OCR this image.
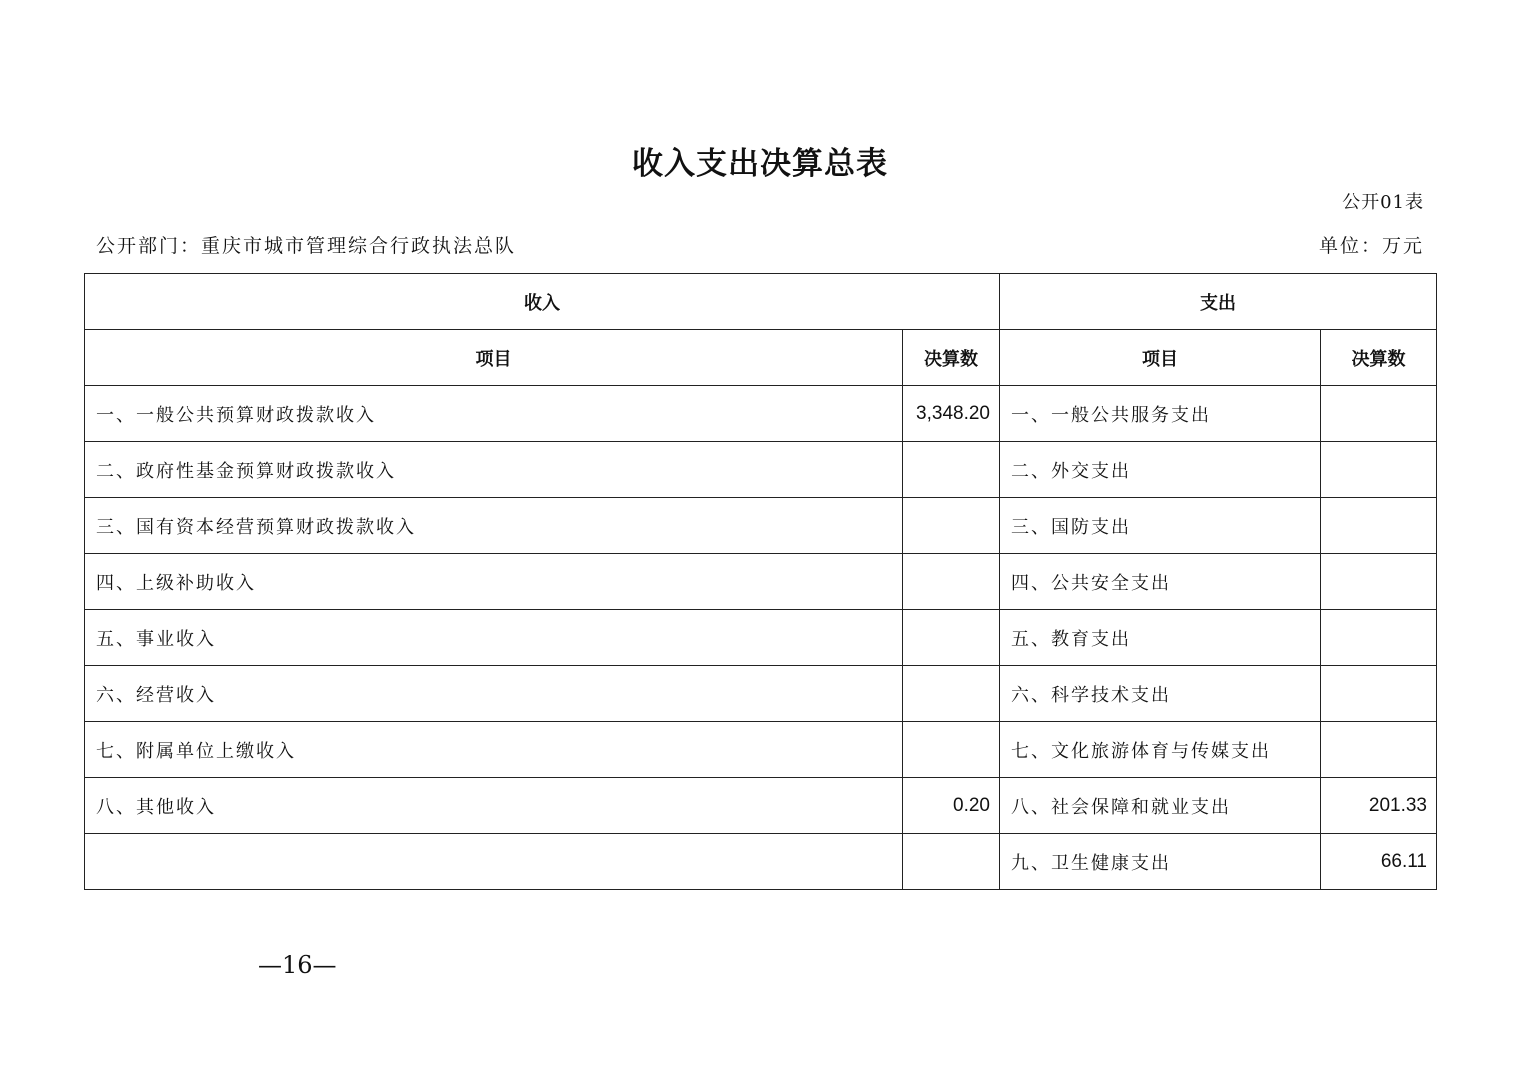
收入支出决算总表
公开01表
公开部门：重庆市城市管理综合行政执法总队	单位：万元
收入		支出	
项目	决算数	项目	决算数
一、一般公共预算财政拨款收入	3,348.20	一、一般公共服务支出	
二、政府性基金预算财政拨款收入		二、外交支出	
三、国有资本经营预算财政拨款收入		三、国防支出	
四、上级补助收入		四、公共安全支出	
五、事业收入		五、教育支出	
六、经营收入		六、科学技术支出	
七、附属单位上缴收入		七、文化旅游体育与传媒支出	
八、其他收入	0.20	八、社会保障和就业支出	201.33
		九、卫生健康支出	66.11
—16—
